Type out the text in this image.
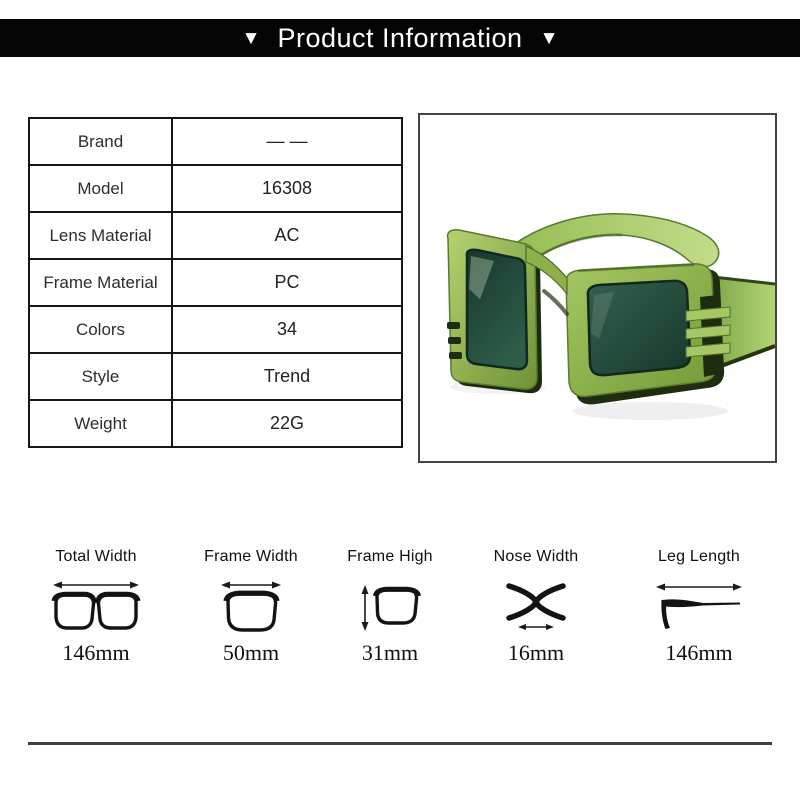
▼ Product Information ▼
Brand	— —
Model	16308
Lens Material	AC
Frame Material	PC
Colors	34
Style	Trend
Weight	22G
Total Width
146mm
Frame Width
50mm
Frame High
31mm
Nose Width
16mm
Leg Length
146mm
